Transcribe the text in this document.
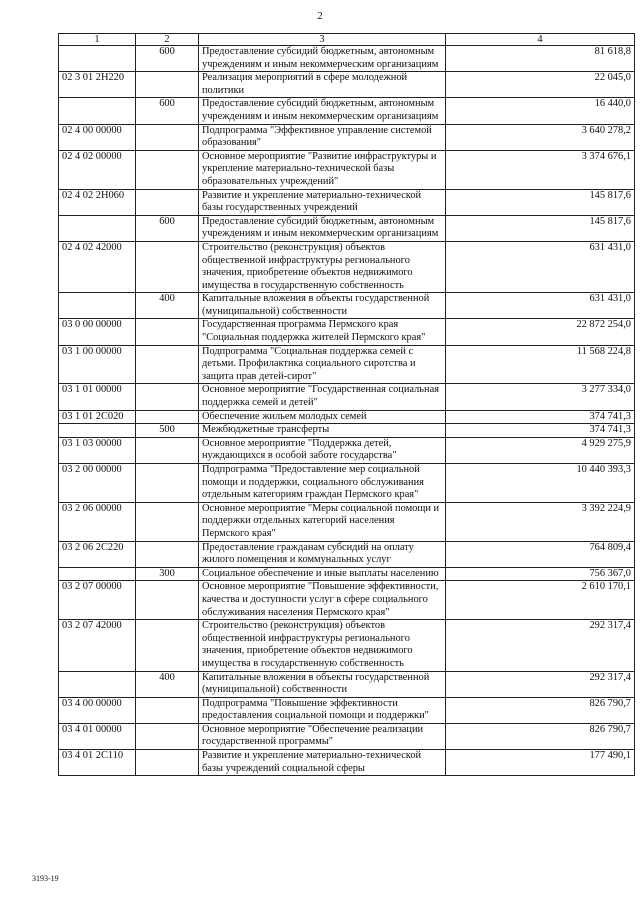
2
1	2	3	4
	600	Предоставление субсидий бюджетным, автономным учреждениям и иным некоммерческим организациям	81 618,8
02 3 01 2Н220		Реализация мероприятий в сфере молодежной политики	22 045,0
	600	Предоставление субсидий бюджетным, автономным учреждениям и иным некоммерческим организациям	16 440,0
02 4 00 00000		Подпрограмма "Эффективное управление системой образования"	3 640 278,2
02 4 02 00000		Основное мероприятие "Развитие инфраструктуры и укрепление материально-технической базы образовательных учреждений"	3 374 676,1
02 4 02 2Н060		Развитие и укрепление материально-технической базы государственных учреждений	145 817,6
	600	Предоставление субсидий бюджетным, автономным учреждениям и иным некоммерческим организациям	145 817,6
02 4 02 42000		Строительство (реконструкция) объектов общественной инфраструктуры регионального значения, приобретение объектов недвижимого имущества в государственную собственность	631 431,0
	400	Капитальные вложения в объекты государственной (муниципальной) собственности	631 431,0
03 0 00 00000		Государственная программа Пермского края "Социальная поддержка жителей Пермского края"	22 872 254,0
03 1 00 00000		Подпрограмма "Социальная поддержка семей с детьми. Профилактика социального сиротства и защита прав детей-сирот"	11 568 224,8
03 1 01 00000		Основное мероприятие "Государственная социальная поддержка семей и детей"	3 277 334,0
03 1 01 2С020		Обеспечение жильем молодых семей	374 741,3
	500	Межбюджетные трансферты	374 741,3
03 1 03 00000		Основное мероприятие "Поддержка детей, нуждающихся в особой заботе государства"	4 929 275,9
03 2 00 00000		Подпрограмма "Предоставление мер социальной помощи и поддержки, социального обслуживания отдельным категориям граждан Пермского края"	10 440 393,3
03 2 06 00000		Основное мероприятие "Меры социальной помощи и поддержки отдельных категорий населения Пермского края"	3 392 224,9
03 2 06 2С220		Предоставление гражданам субсидий на оплату жилого помещения и коммунальных услуг	764 809,4
	300	Социальное обеспечение и иные выплаты населению	756 367,0
03 2 07 00000		Основное мероприятие "Повышение эффективности, качества и доступности услуг в сфере социального обслуживания населения Пермского края"	2 610 170,1
03 2 07 42000		Строительство (реконструкция) объектов общественной инфраструктуры регионального значения, приобретение объектов недвижимого имущества в государственную собственность	292 317,4
	400	Капитальные вложения в объекты государственной (муниципальной) собственности	292 317,4
03 4 00 00000		Подпрограмма "Повышение эффективности предоставления социальной помощи и поддержки"	826 790,7
03 4 01 00000		Основное мероприятие "Обеспечение реализации государственной программы"	826 790,7
03 4 01 2С110		Развитие и укрепление материально-технической базы учреждений социальной сферы	177 490,1
3193-19
